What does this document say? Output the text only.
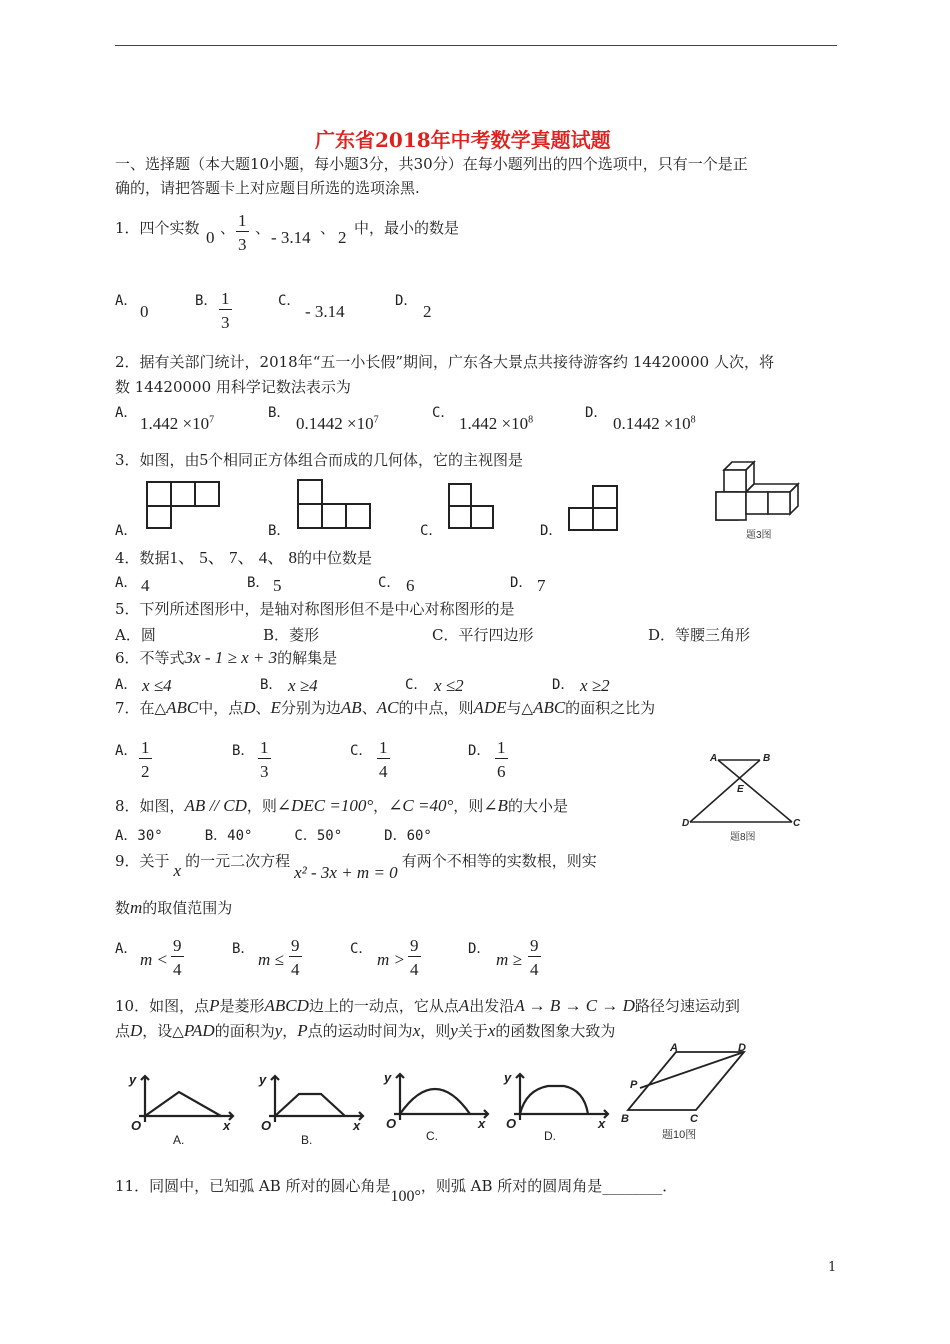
广东省2018年中考数学真题试题
一、选择题（本大题10小题，每小题3分，共30分）在每小题列出的四个选项中，只有一个是正
确的，请把答题卡上对应题目所选的选项涂黑.
1．四个实数 0 、 $\frac{1}{3}$ 、 - 3.14 、 2 中，最小的数是
A．
0
B． $\frac{1}{3}$	C．
- 3.14
D．
2
2．据有关部门统计，2018年“五一小长假”期间，广东各大景点共接待游客约 14420000 人次，将
数 14420000 用科学记数法表示为
A．
$1.442 \times 10^7$	B．
$0.1442 \times 10^7$	C．
$1.442 \times 10^8$	D．
$0.1442 \times 10^8$
3．如图，由5个相同正方体组合而成的几何体，它的主视图是
A．	B．	C．	D．	题3图
4．数据1、 5、 7、 4、 8的中位数是
A． 4	B． 5	C． 6	D． 7
5．下列所述图形中，是轴对称图形但不是中心对称图形的是
A．圆	B．菱形	C．平行四边形	D．等腰三角形
6．不等式3x - 1 ≥ x + 3的解集是
A． x ≤4	B． x ≥4	C． x ≤2	D． x ≥2
7．在△ABC中，点D、E分别为边AB、AC的中点，则ADE与△ABC的面积之比为
A． $\frac{1}{2}$	B． $\frac{1}{3}$	C． $\frac{1}{4}$	D． $\frac{1}{6}$	A	B
E
D	C
题8图
8．如图，AB // CD，则∠DEC =100°，∠C =40°，则∠B的大小是
A．30°　　　B．40°　　　C．50°　　　D．60°
9．关于 x 的一元二次方程x² - 3x + m = 0有两个不相等的实数根，则实
数m的取值范围为
A．
$m < \frac{9}{4}$	B．
$m \le \frac{9}{4}$	C．
$m > \frac{9}{4}$	D．
$m \ge \frac{9}{4}$
10．如图，点P是菱形ABCD边上的一动点，它从点A出发沿A → B → C → D路径匀速运动到
点D，设△PAD的面积为y，P点的运动时间为x，则y关于x的函数图象大致为
y
O	x
A.
y
O	x
B.
y
O	x
C.
y
O	x
D.
A	D
P
B	C
题10图
11．同圆中，已知弧 AB 所对的圆心角是100°，则弧 AB 所对的圆周角是________．
1
